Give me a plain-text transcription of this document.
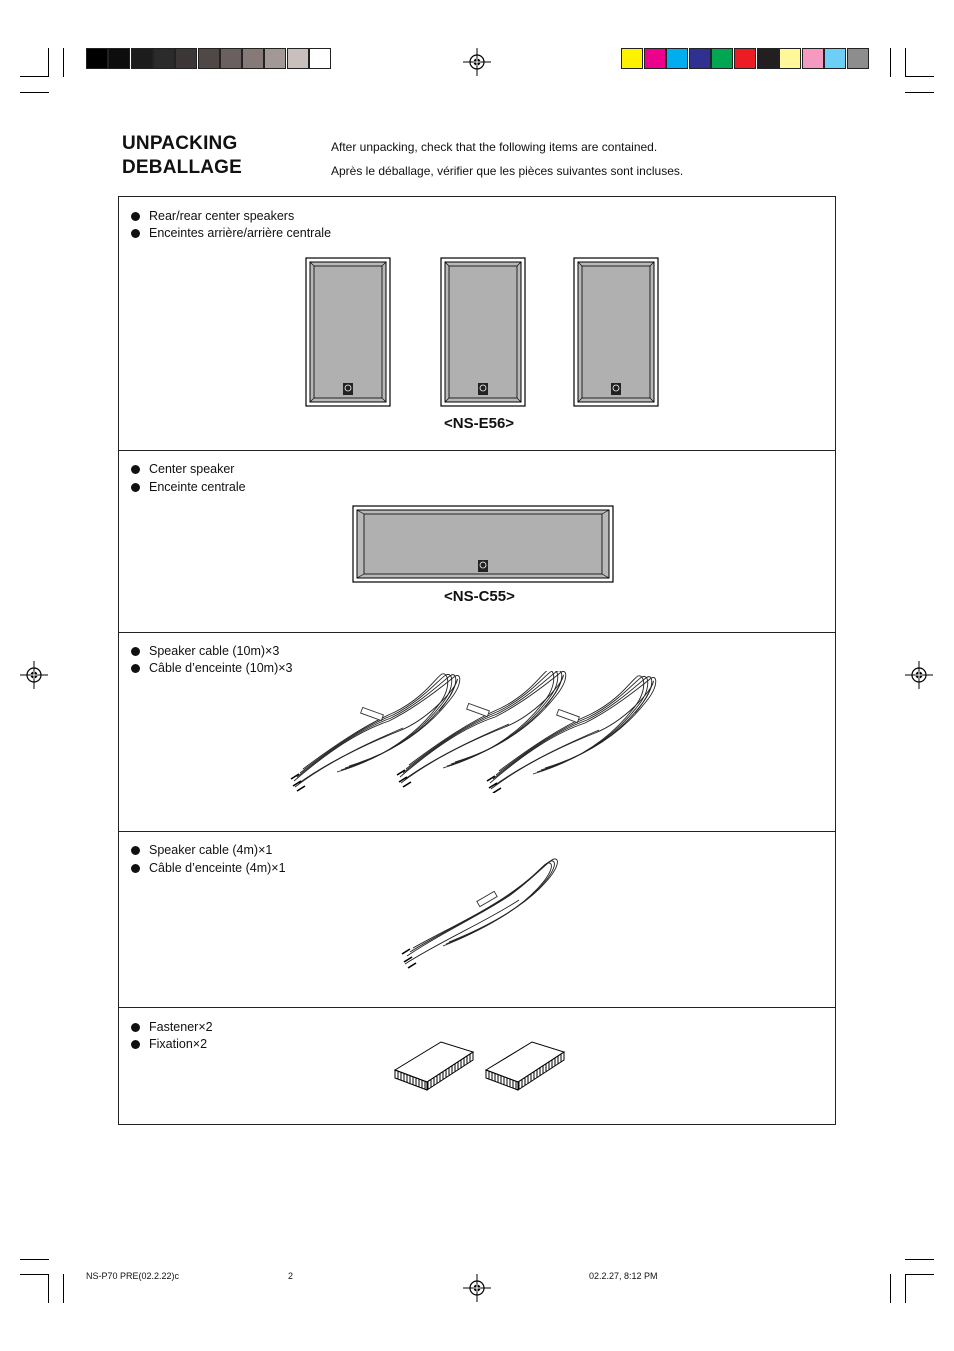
UNPACKING
DEBALLAGE
After unpacking, check that the following items are contained.
Après le déballage, vérifier que les pièces suivantes sont incluses.
Rear/rear center speakers
Enceintes arrière/arrière centrale
<NS-E56>
Center speaker
Enceinte centrale
<NS-C55>
Speaker cable (10m)×3
Câble d’enceinte (10m)×3
Speaker cable (4m)×1
Câble d’enceinte (4m)×1
Fastener×2
Fixation×2
NS-P70 PRE(02.2.22)c	2	02.2.27, 8:12 PM
